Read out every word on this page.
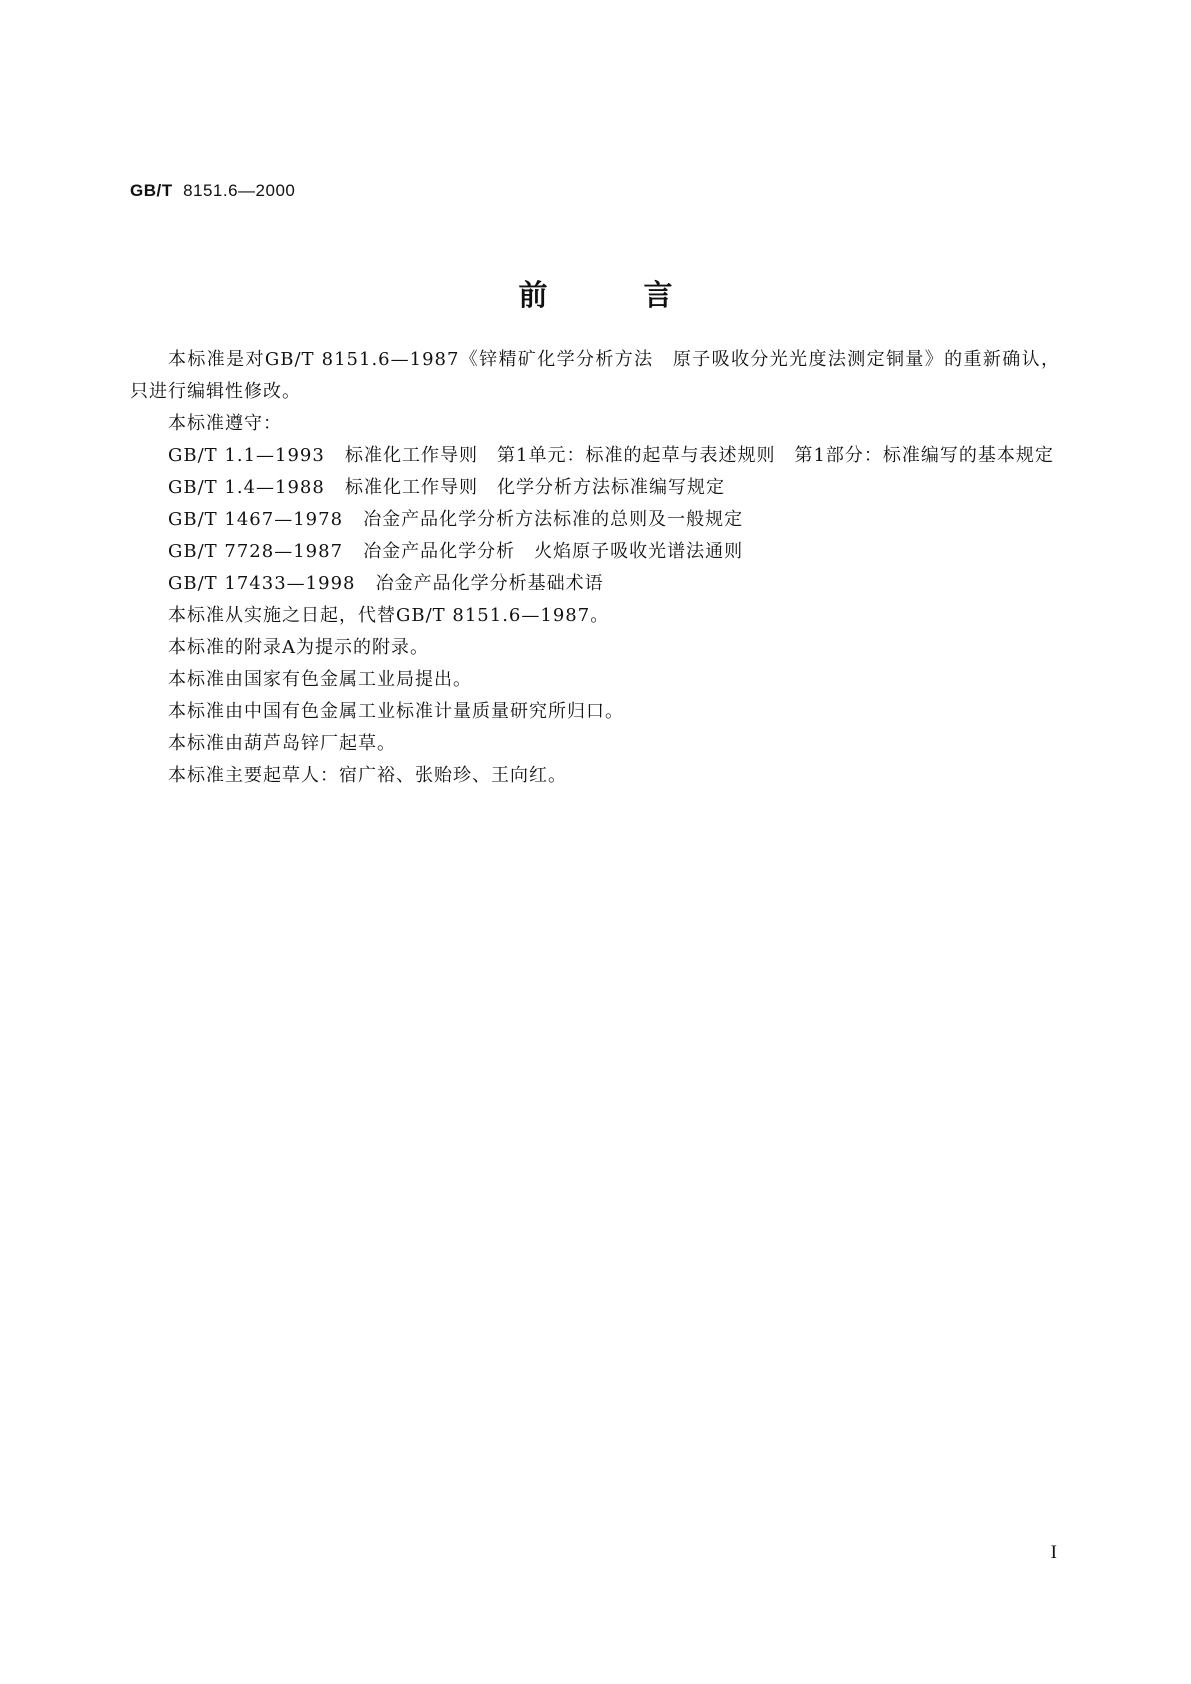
GB/T 8151.6—2000
前言

本标准是对GB/T 8151.6—1987《锌精矿化学分析方法　原子吸收分光光度法测定铜量》的重新确认，只进行编辑性修改。

本标准遵守：

GB/T 1.1—1993
标准化工作导则　第1单元：标准的起草与表述规则　第1部分：标准编写的基本规定
GB/T 1.4—1988
标准化工作导则　化学分析方法标准编写规定
GB/T 1467—1978
冶金产品化学分析方法标准的总则及一般规定
GB/T 7728—1987
冶金产品化学分析　火焰原子吸收光谱法通则
GB/T 17433—1998
冶金产品化学分析基础术语

本标准从实施之日起，代替GB/T 8151.6—1987。

本标准的附录A为提示的附录。

本标准由国家有色金属工业局提出。

本标准由中国有色金属工业标准计量质量研究所归口。

本标准由葫芦岛锌厂起草。

本标准主要起草人：宿广裕、张贻珍、王向红。

I
